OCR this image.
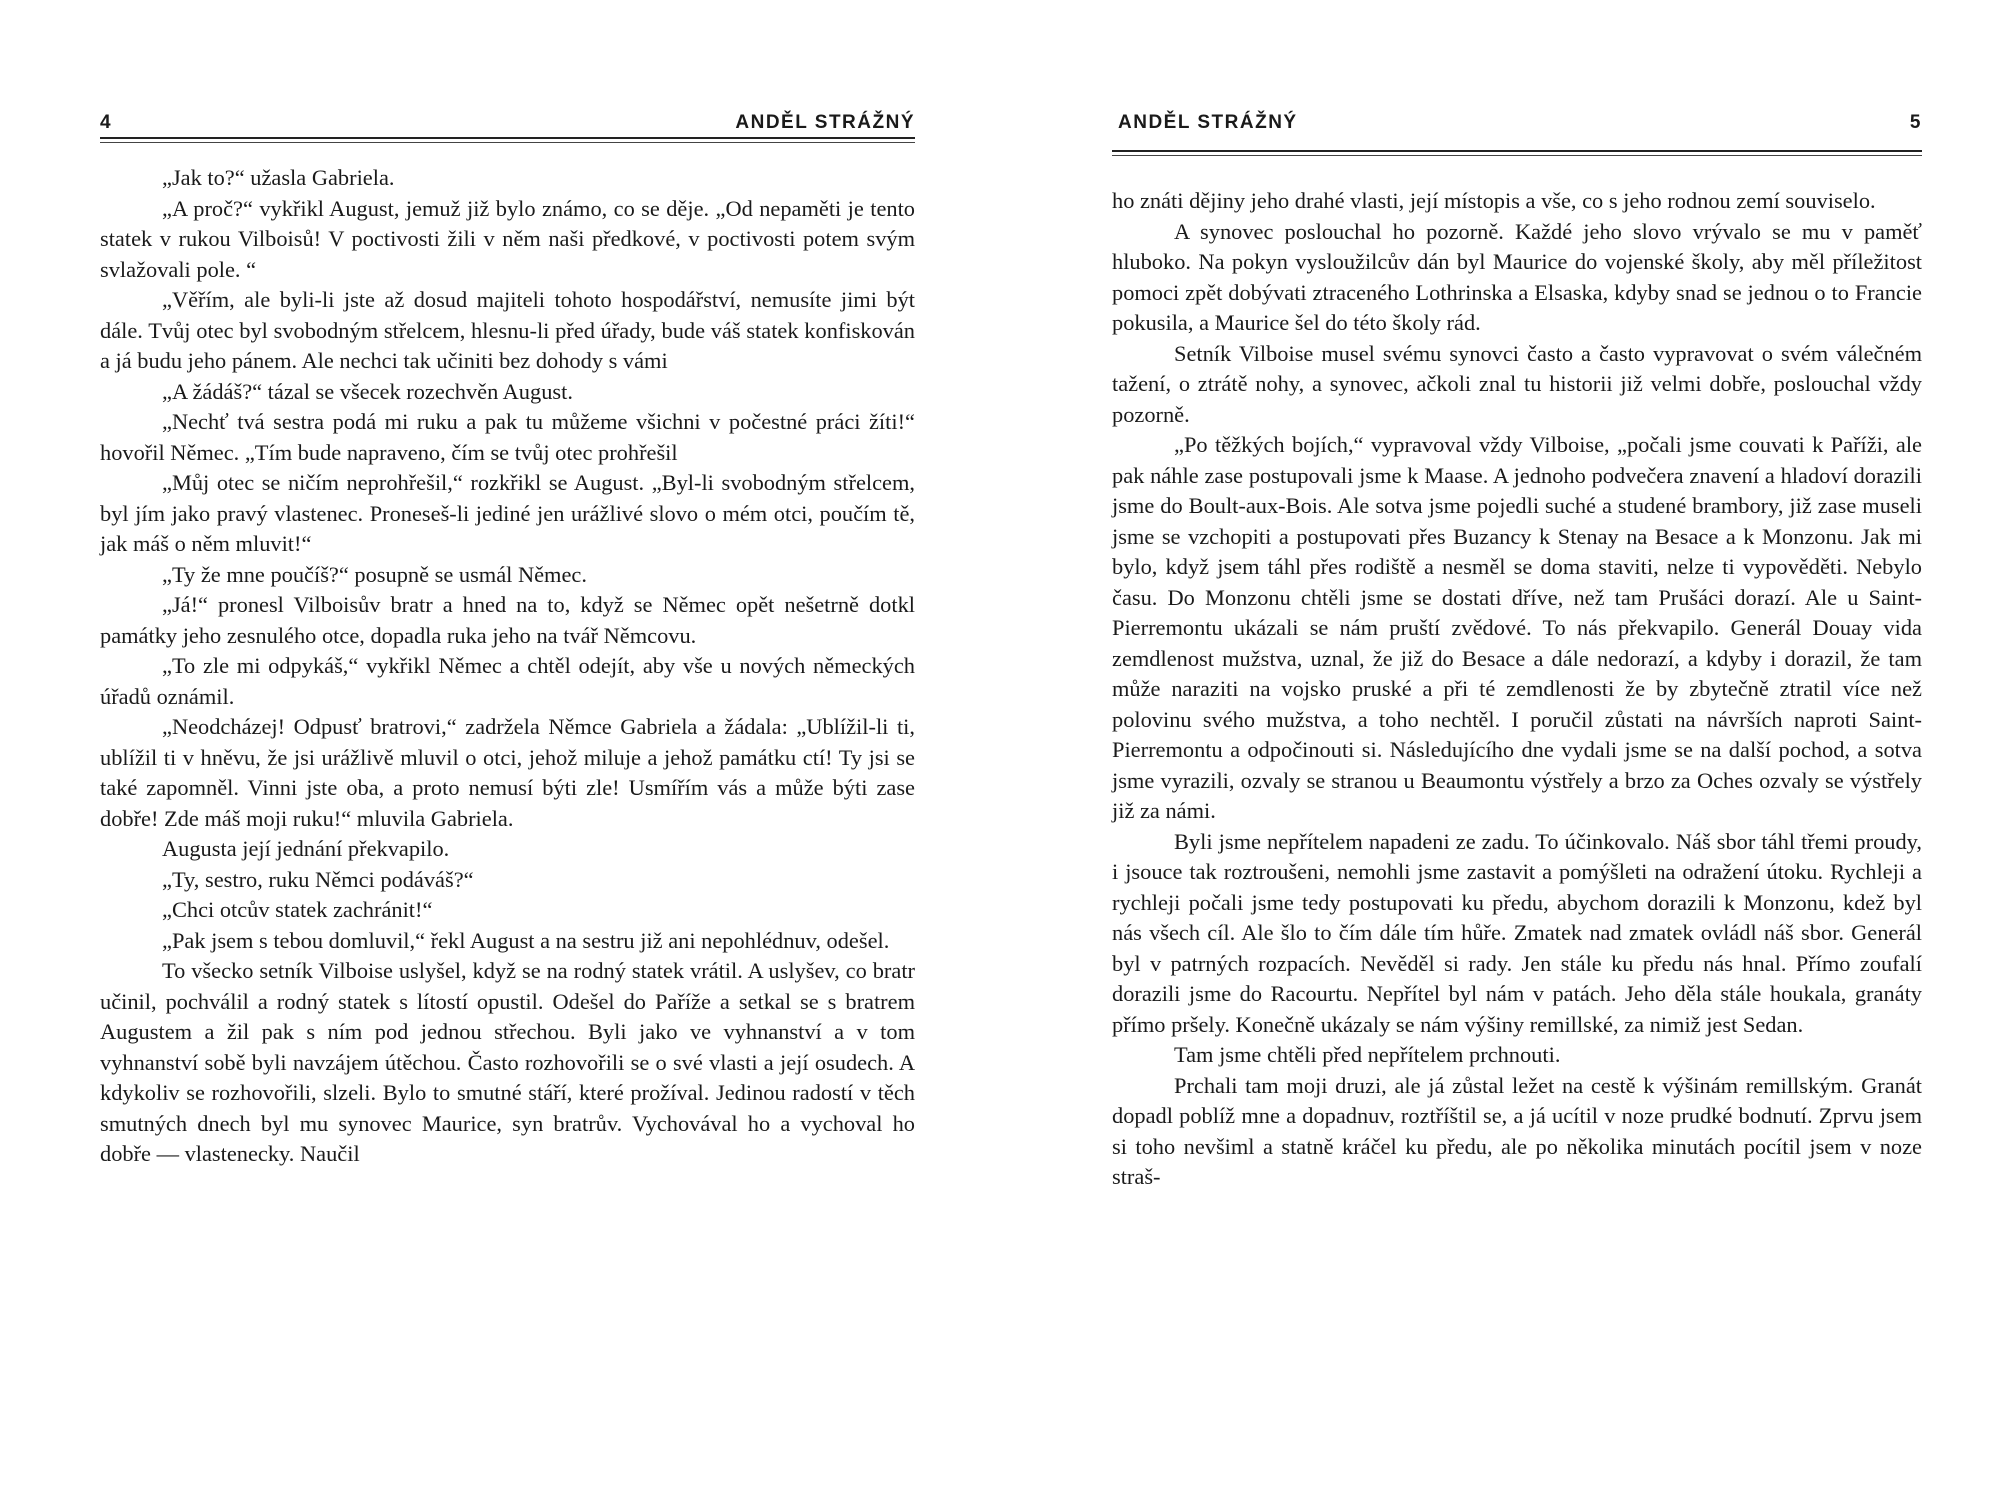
4	ANDĚL STRÁŽNÝ

„Jak to?“ užasla Gabriela.

„A proč?“ vykřikl August, jemuž již bylo známo, co se děje. „Od nepaměti je tento statek v rukou Vilboisů! V poctivosti žili v něm naši předkové, v poctivosti potem svým svlažovali pole. “

„Věřím, ale byli-li jste až dosud majiteli tohoto hospodářství, nemusíte jimi být dále. Tvůj otec byl svobodným střelcem, hlesnu-li před úřady, bude váš statek konfiskován a já budu jeho pánem. Ale nechci tak učiniti bez dohody s vámi

„A žádáš?“ tázal se všecek rozechvěn August.

„Nechť tvá sestra podá mi ruku a pak tu můžeme všichni v počestné práci žíti!“ hovořil Němec. „Tím bude napraveno, čím se tvůj otec prohřešil

„Můj otec se ničím neprohřešil,“ rozkřikl se August. „Byl-li svobodným střelcem, byl jím jako pravý vlastenec. Proneseš-li jediné jen urážlivé slovo o mém otci, poučím tě, jak máš o něm mluvit!“

„Ty že mne poučíš?“ posupně se usmál Němec.

„Já!“ pronesl Vilboisův bratr a hned na to, když se Němec opět nešetrně dotkl památky jeho zesnulého otce, dopadla ruka jeho na tvář Němcovu.

„To zle mi odpykáš,“ vykřikl Němec a chtěl odejít, aby vše u nových německých úřadů oznámil.

„Neodcházej! Odpusť bratrovi,“ zadržela Němce Gabriela a žádala: „Ublížil-li ti, ublížil ti v hněvu, že jsi urážlivě mluvil o otci, jehož miluje a jehož památku ctí! Ty jsi se také zapomněl. Vinni jste oba, a proto nemusí býti zle! Usmířím vás a může býti zase dobře! Zde máš moji ruku!“ mluvila Gabriela.

Augusta její jednání překvapilo.

„Ty, sestro, ruku Němci podáváš?“

„Chci otcův statek zachránit!“

„Pak jsem s tebou domluvil,“ řekl August a na sestru již ani nepohlédnuv, odešel.

To všecko setník Vilboise uslyšel, když se na rodný statek vrátil. A uslyšev, co bratr učinil, pochválil a rodný statek s lítostí opustil. Odešel do Paříže a setkal se s bratrem Augustem a žil pak s ním pod jednou střechou. Byli jako ve vyhnanství a v tom vyhnanství sobě byli navzájem útěchou. Často rozhovořili se o své vlasti a její osudech. A kdykoliv se rozhovořili, slzeli. Bylo to smutné stáří, které prožíval. Jedinou radostí v těch smutných dnech byl mu synovec Maurice, syn bratrův. Vychovával ho a vychoval ho dobře — vlastenecky. Naučil

ANDĚL STRÁŽNÝ	5

ho znáti dějiny jeho drahé vlasti, její místopis a vše, co s jeho rodnou zemí souviselo.

A synovec poslouchal ho pozorně. Každé jeho slovo vrývalo se mu v paměť hluboko. Na pokyn vysloužilcův dán byl Maurice do vojenské školy, aby měl příležitost pomoci zpět dobývati ztraceného Lothrinska a Elsaska, kdyby snad se jednou o to Francie pokusila, a Maurice šel do této školy rád.

Setník Vilboise musel svému synovci často a často vypravovat o svém válečném tažení, o ztrátě nohy, a synovec, ačkoli znal tu historii již velmi dobře, poslouchal vždy pozorně.

„Po těžkých bojích,“ vypravoval vždy Vilboise, „počali jsme couvati k Paříži, ale pak náhle zase postupovali jsme k Maase. A jednoho podvečera znavení a hladoví dorazili jsme do Boult-aux-Bois. Ale sotva jsme pojedli suché a studené brambory, již zase museli jsme se vzchopiti a postupovati přes Buzancy k Stenay na Besace a k Monzonu. Jak mi bylo, když jsem táhl přes rodiště a nesměl se doma staviti, nelze ti vypověděti. Nebylo času. Do Monzonu chtěli jsme se dostati dříve, než tam Prušáci dorazí. Ale u Saint-Pierremontu ukázali se nám pruští zvědové. To nás překvapilo. Generál Douay vida zemdlenost mužstva, uznal, že již do Besace a dále nedorazí, a kdyby i dorazil, že tam může naraziti na vojsko pruské a při té zemdlenosti že by zbytečně ztratil více než polovinu svého mužstva, a toho nechtěl. I poručil zůstati na návrších naproti Saint-Pierremontu a odpočinouti si. Následujícího dne vydali jsme se na další pochod, a sotva jsme vyrazili, ozvaly se stranou u Beaumontu výstřely a brzo za Oches ozvaly se výstřely již za námi.

Byli jsme nepřítelem napadeni ze zadu. To účinkovalo. Náš sbor táhl třemi proudy, i jsouce tak roztroušeni, nemohli jsme zastavit a pomýšleti na odražení útoku. Rychleji a rychleji počali jsme tedy postupovati ku předu, abychom dorazili k Monzonu, kdež byl nás všech cíl. Ale šlo to čím dále tím hůře. Zmatek nad zmatek ovládl náš sbor. Generál byl v patrných rozpacích. Nevěděl si rady. Jen stále ku předu nás hnal. Přímo zoufalí dorazili jsme do Racourtu. Nepřítel byl nám v patách. Jeho děla stále houkala, granáty přímo pršely. Konečně ukázaly se nám výšiny remillské, za nimiž jest Sedan.

Tam jsme chtěli před nepřítelem prchnouti.

Prchali tam moji druzi, ale já zůstal ležet na cestě k výšinám remillským. Granát dopadl poblíž mne a dopadnuv, roztříštil se, a já ucítil v noze prudké bodnutí. Zprvu jsem si toho nevšiml a statně kráčel ku předu, ale po několika minutách pocítil jsem v noze straš-
